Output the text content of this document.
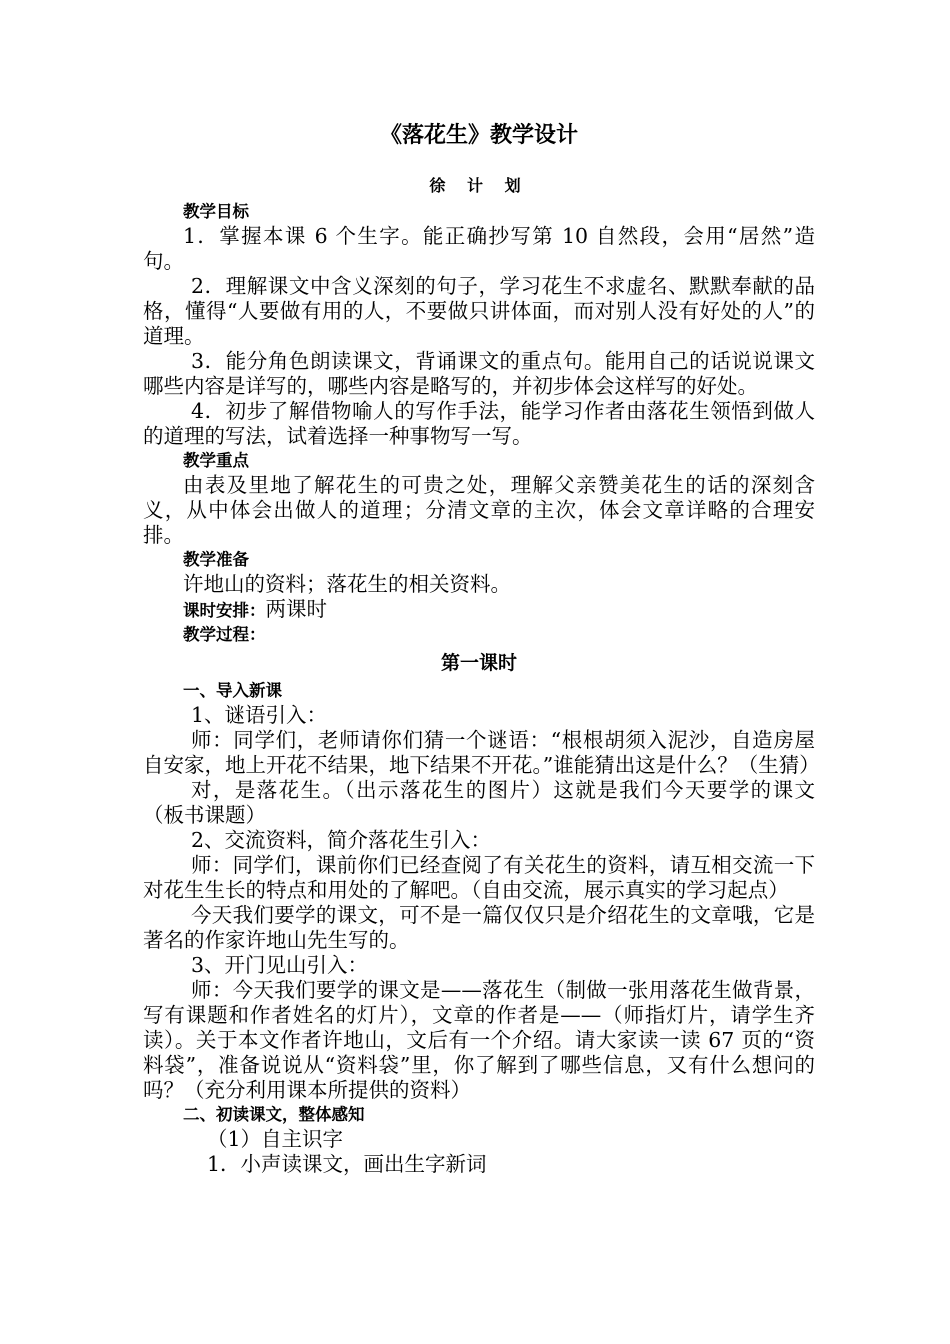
《落花生》教学设计
徐 计 划
教学目标
1．掌握本课 6 个生字。能正确抄写第 10 自然段，会用“居然”造句。
2．理解课文中含义深刻的句子，学习花生不求虚名、默默奉献的品格，懂得“人要做有用的人，不要做只讲体面，而对别人没有好处的人”的道理。
3．能分角色朗读课文，背诵课文的重点句。能用自己的话说说课文哪些内容是详写的，哪些内容是略写的，并初步体会这样写的好处。
4．初步了解借物喻人的写作手法，能学习作者由落花生领悟到做人的道理的写法，试着选择一种事物写一写。
教学重点
由表及里地了解花生的可贵之处，理解父亲赞美花生的话的深刻含义，从中体会出做人的道理；分清文章的主次，体会文章详略的合理安排。
教学准备
许地山的资料；落花生的相关资料。
课时安排：两课时
教学过程：
第一课时
一、导入新课
1、谜语引入：
师：同学们，老师请你们猜一个谜语：“根根胡须入泥沙，自造房屋自安家，地上开花不结果，地下结果不开花。”谁能猜出这是什么？（生猜）
对，是落花生。（出示落花生的图片）这就是我们今天要学的课文（板书课题）
2、交流资料，简介落花生引入：
师：同学们，课前你们已经查阅了有关花生的资料，请互相交流一下对花生生长的特点和用处的了解吧。（自由交流，展示真实的学习起点）
今天我们要学的课文，可不是一篇仅仅只是介绍花生的文章哦，它是著名的作家许地山先生写的。
3、开门见山引入：
师：今天我们要学的课文是——落花生（制做一张用落花生做背景，写有课题和作者姓名的灯片），文章的作者是——（师指灯片，请学生齐读）。关于本文作者许地山，文后有一个介绍。请大家读一读 67 页的“资料袋”，准备说说从“资料袋”里，你了解到了哪些信息，又有什么想问的吗？（充分利用课本所提供的资料）
二、初读课文，整体感知
（1）自主识字
1．小声读课文，画出生字新词
